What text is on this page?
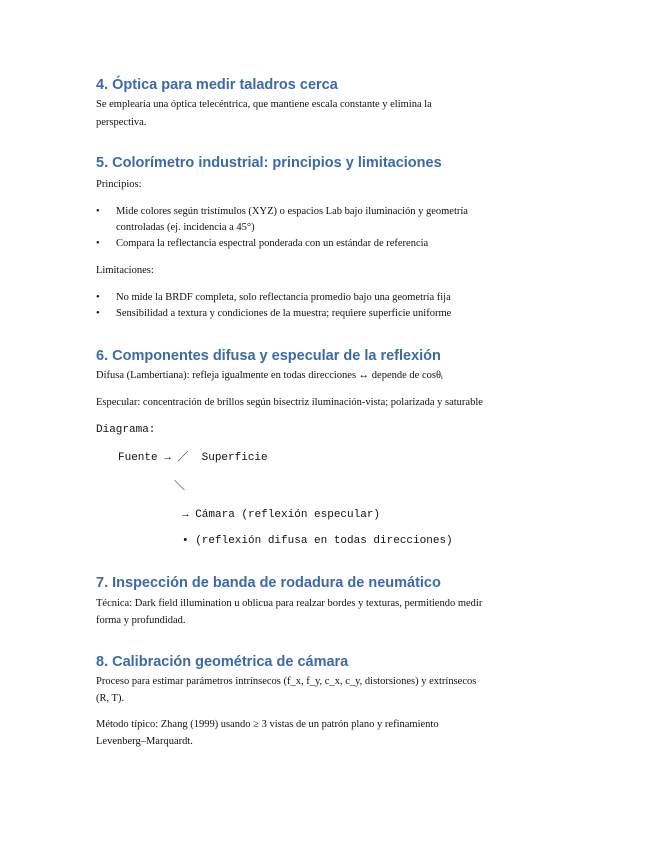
4. Óptica para medir taladros cerca

Se emplearía una óptica telecéntrica, que mantiene escala constante y elimina la

perspectiva.

5. Colorímetro industrial: principios y limitaciones

Principios:

• Mide colores según tristímulos (XYZ) o espacios Lab bajo iluminación y geometría
controladas (ej. incidencia a 45°)
• Compara la reflectancia espectral ponderada con un estándar de referencia

Limitaciones:

• No mide la BRDF completa, solo reflectancia promedio bajo una geometría fija
• Sensibilidad a textura y condiciones de la muestra; requiere superficie uniforme
6. Componentes difusa y especular de la reflexión

Difusa (Lambertiana): refleja igualmente en todas direcciones ↔ depende de cosθᵢ

Especular: concentración de brillos según bisectriz iluminación-vista; polarizada y saturable

Diagrama:

Fuente → ／  Superficie

＼

→ Cámara (reflexión especular)

• (reflexión difusa en todas direcciones)

7. Inspección de banda de rodadura de neumático

Técnica: Dark field illumination u oblicua para realzar bordes y texturas, permitiendo medir

forma y profundidad.

8. Calibración geométrica de cámara

Proceso para estimar parámetros intrínsecos (f_x, f_y, c_x, c_y, distorsiones) y extrínsecos

(R, T).

Método típico: Zhang (1999) usando ≥ 3 vistas de un patrón plano y refinamiento

Levenberg–Marquardt.
